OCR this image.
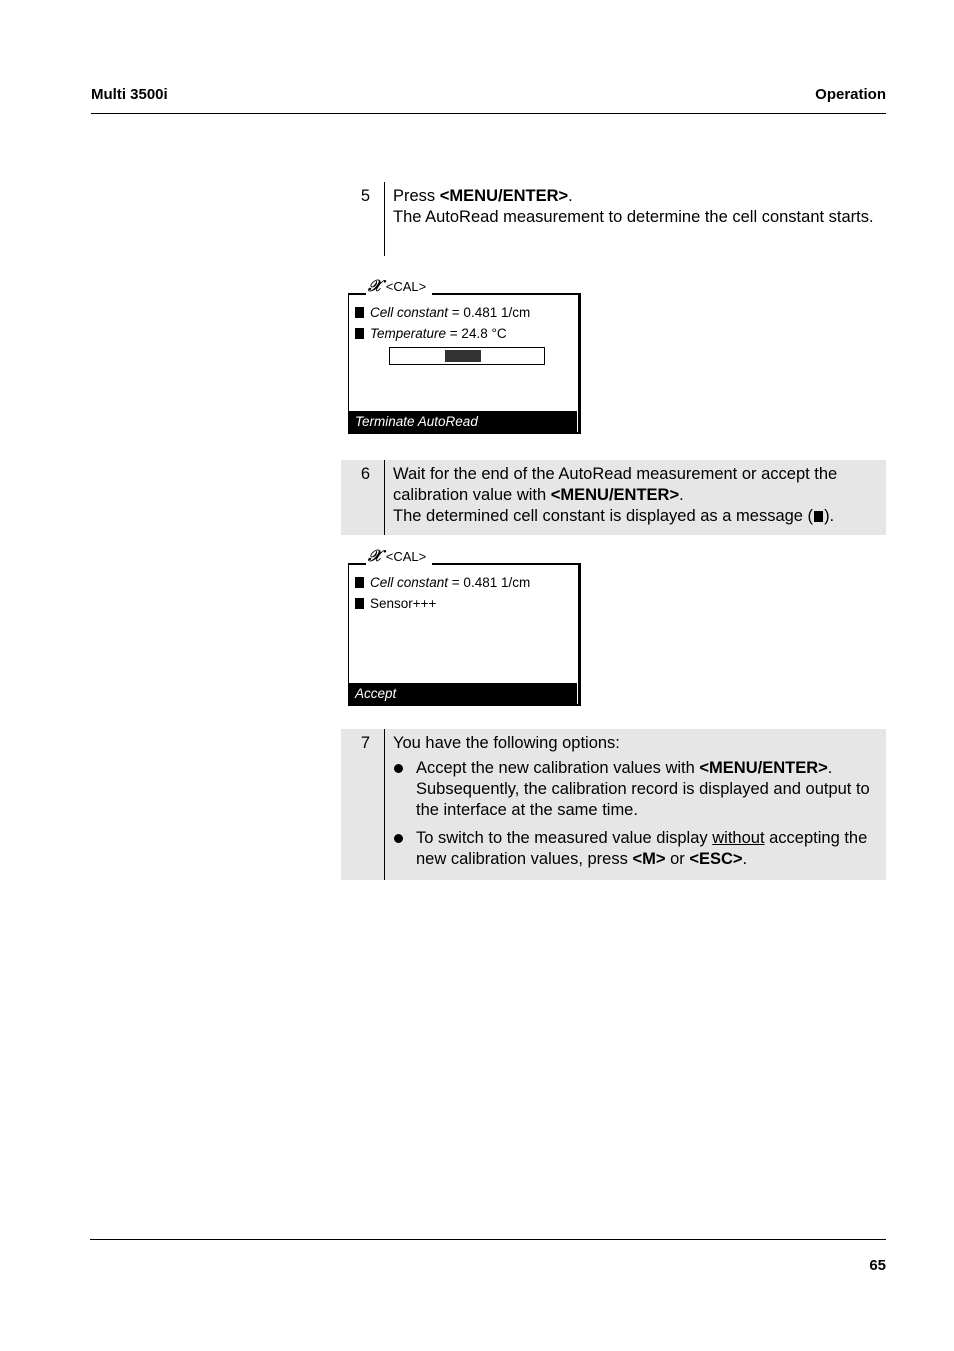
Multi 3500i	Operation
5	Press <MENU/ENTER>.

The AutoRead measurement to determine the cell constant starts.

Cell constant = 0.481 1/cm
Temperature = 24.8 °C
Terminate AutoRead
𝒳 <CAL>
6	Wait for the end of the AutoRead measurement or accept the calibration value with <MENU/ENTER>.

The determined cell constant is displayed as a message ( ).

Cell constant = 0.481 1/cm
Sensor+++
Accept
𝒳 <CAL>
7	You have the following options:

Accept the new calibration values with <MENU/ENTER>. Subsequently, the calibration record is displayed and output to the interface at the same time.
To switch to the measured value display without accepting the new calibration values, press <M> or <ESC>.
65
